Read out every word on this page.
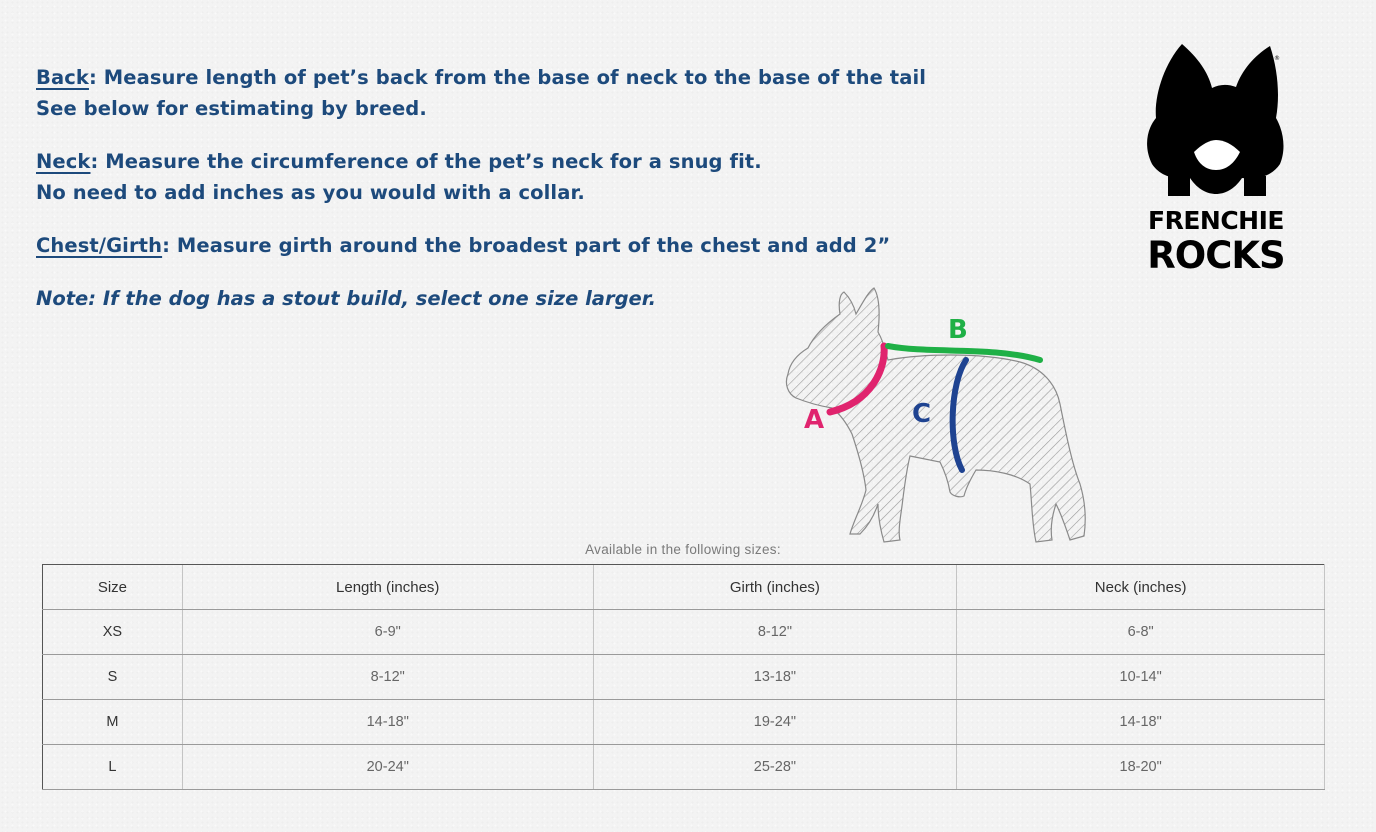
Back: Measure length of pet’s back from the base of neck to the base of the tail
See below for estimating by breed.

Neck: Measure the circumference of the pet’s neck for a snug fit.
No need to add inches as you would with a collar.

Chest/Girth: Measure girth around the broadest part of the chest and add 2”

Note: If the dog has a stout build, select one size larger.

®
FRENCHIE
ROCKS
A
B
C
Available in the following sizes:
Size	Length (inches)	Girth (inches)	Neck (inches)
XS	6-9"	8-12"	6-8"
S	8-12"	13-18"	10-14"
M	14-18"	19-24"	14-18"
L	20-24"	25-28"	18-20"
